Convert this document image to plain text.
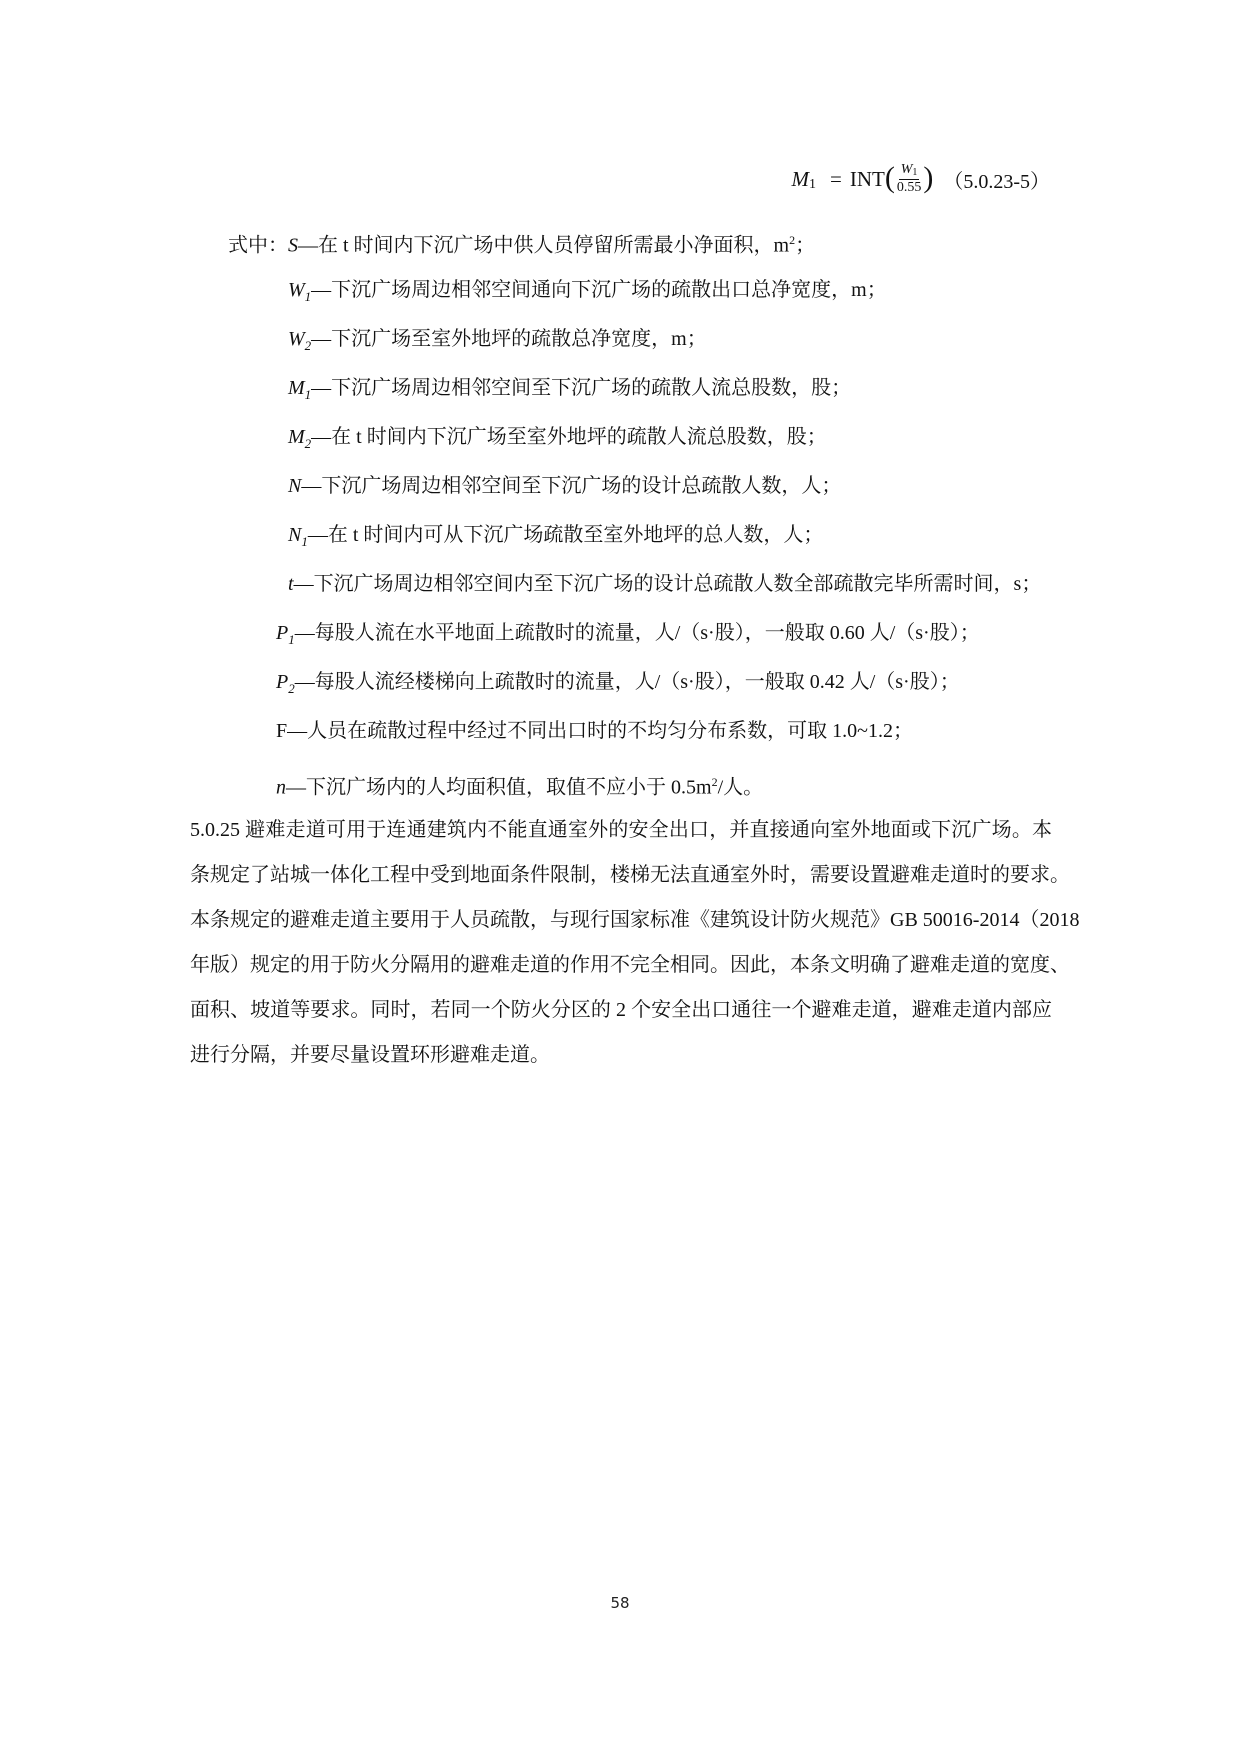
M 1 = INT ( $\frac{W1}{0.55}$ ) （5.0.23-5）
式中：S—在 t 时间内下沉广场中供人员停留所需最小净面积，$m^2$；
$W_1—$下沉广场周边相邻空间通向下沉广场的疏散出口总净宽度，m；
$W_2—$下沉广场至室外地坪的疏散总净宽度，m；
$M_1—$下沉广场周边相邻空间至下沉广场的疏散人流总股数，股；
$M_2—$在 t 时间内下沉广场至室外地坪的疏散人流总股数，股；
N—下沉广场周边相邻空间至下沉广场的设计总疏散人数，人；
$N_1—$在 t 时间内可从下沉广场疏散至室外地坪的总人数，人；
t—下沉广场周边相邻空间内至下沉广场的设计总疏散人数全部疏散完毕所需时间，s；
$P_1—$每股人流在水平地面上疏散时的流量，人/（s·股），一般取 0.60 人/（s·股）；
$P_2—$每股人流经楼梯向上疏散时的流量，人/（s·股），一般取 0.42 人/（s·股）；
F—人员在疏散过程中经过不同出口时的不均匀分布系数，可取 1.0~1.2；
n—下沉广场内的人均面积值，取值不应小于 $0.5m^2/$人。
5.0.25 避难走道可用于连通建筑内不能直通室外的安全出口，并直接通向室外地面或下沉广场。本
条规定了站城一体化工程中受到地面条件限制，楼梯无法直通室外时，需要设置避难走道时的要求。
本条规定的避难走道主要用于人员疏散，与现行国家标准《建筑设计防火规范》GB 50016-2014（2018
年版）规定的用于防火分隔用的避难走道的作用不完全相同。因此，本条文明确了避难走道的宽度、
面积、坡道等要求。同时，若同一个防火分区的 2 个安全出口通往一个避难走道，避难走道内部应
进行分隔，并要尽量设置环形避难走道。
58
